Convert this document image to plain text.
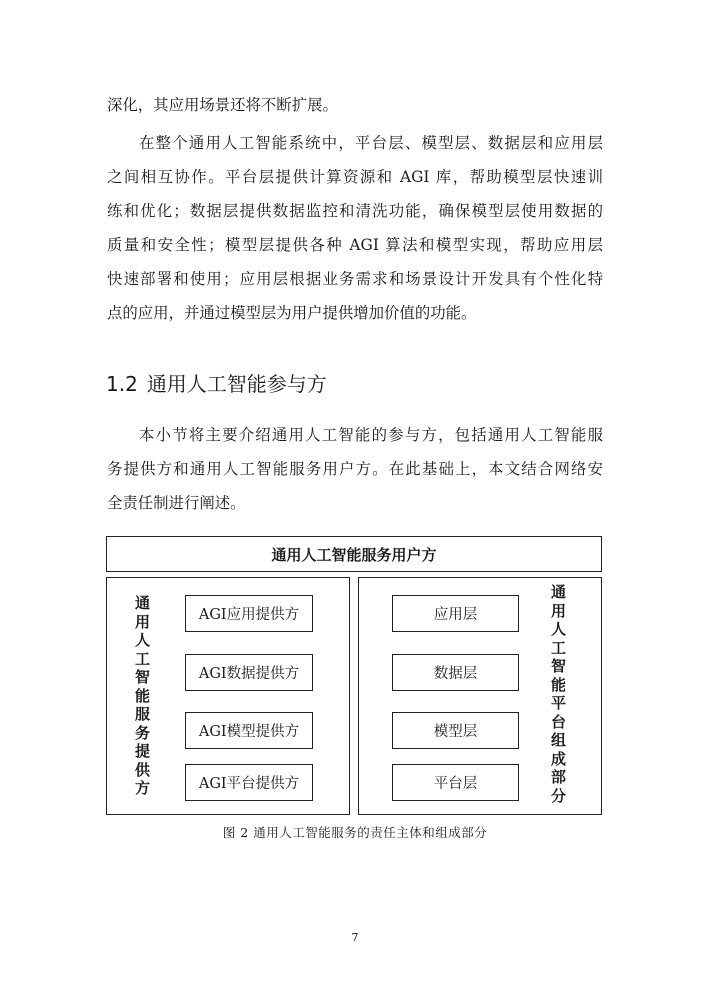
深化，其应用场景还将不断扩展。
在整个通用人工智能系统中，平台层、模型层、数据层和应用层
之间相互协作。平台层提供计算资源和 AGI 库，帮助模型层快速训
练和优化；数据层提供数据监控和清洗功能，确保模型层使用数据的
质量和安全性；模型层提供各种 AGI 算法和模型实现，帮助应用层
快速部署和使用；应用层根据业务需求和场景设计开发具有个性化特
点的应用，并通过模型层为用户提供增加价值的功能。
1.2 通用人工智能参与方
本小节将主要介绍通用人工智能的参与方，包括通用人工智能服
务提供方和通用人工智能服务用户方。在此基础上，本文结合网络安
全责任制进行阐述。
通用人工智能服务用户方
通
用
人
工
智
能
服
务
提
供
方
AGI应用提供方
AGI数据提供方
AGI模型提供方
AGI平台提供方
应用层
数据层
模型层
平台层
通
用
人
工
智
能
平
台
组
成
部
分
图 2 通用人工智能服务的责任主体和组成部分
7
